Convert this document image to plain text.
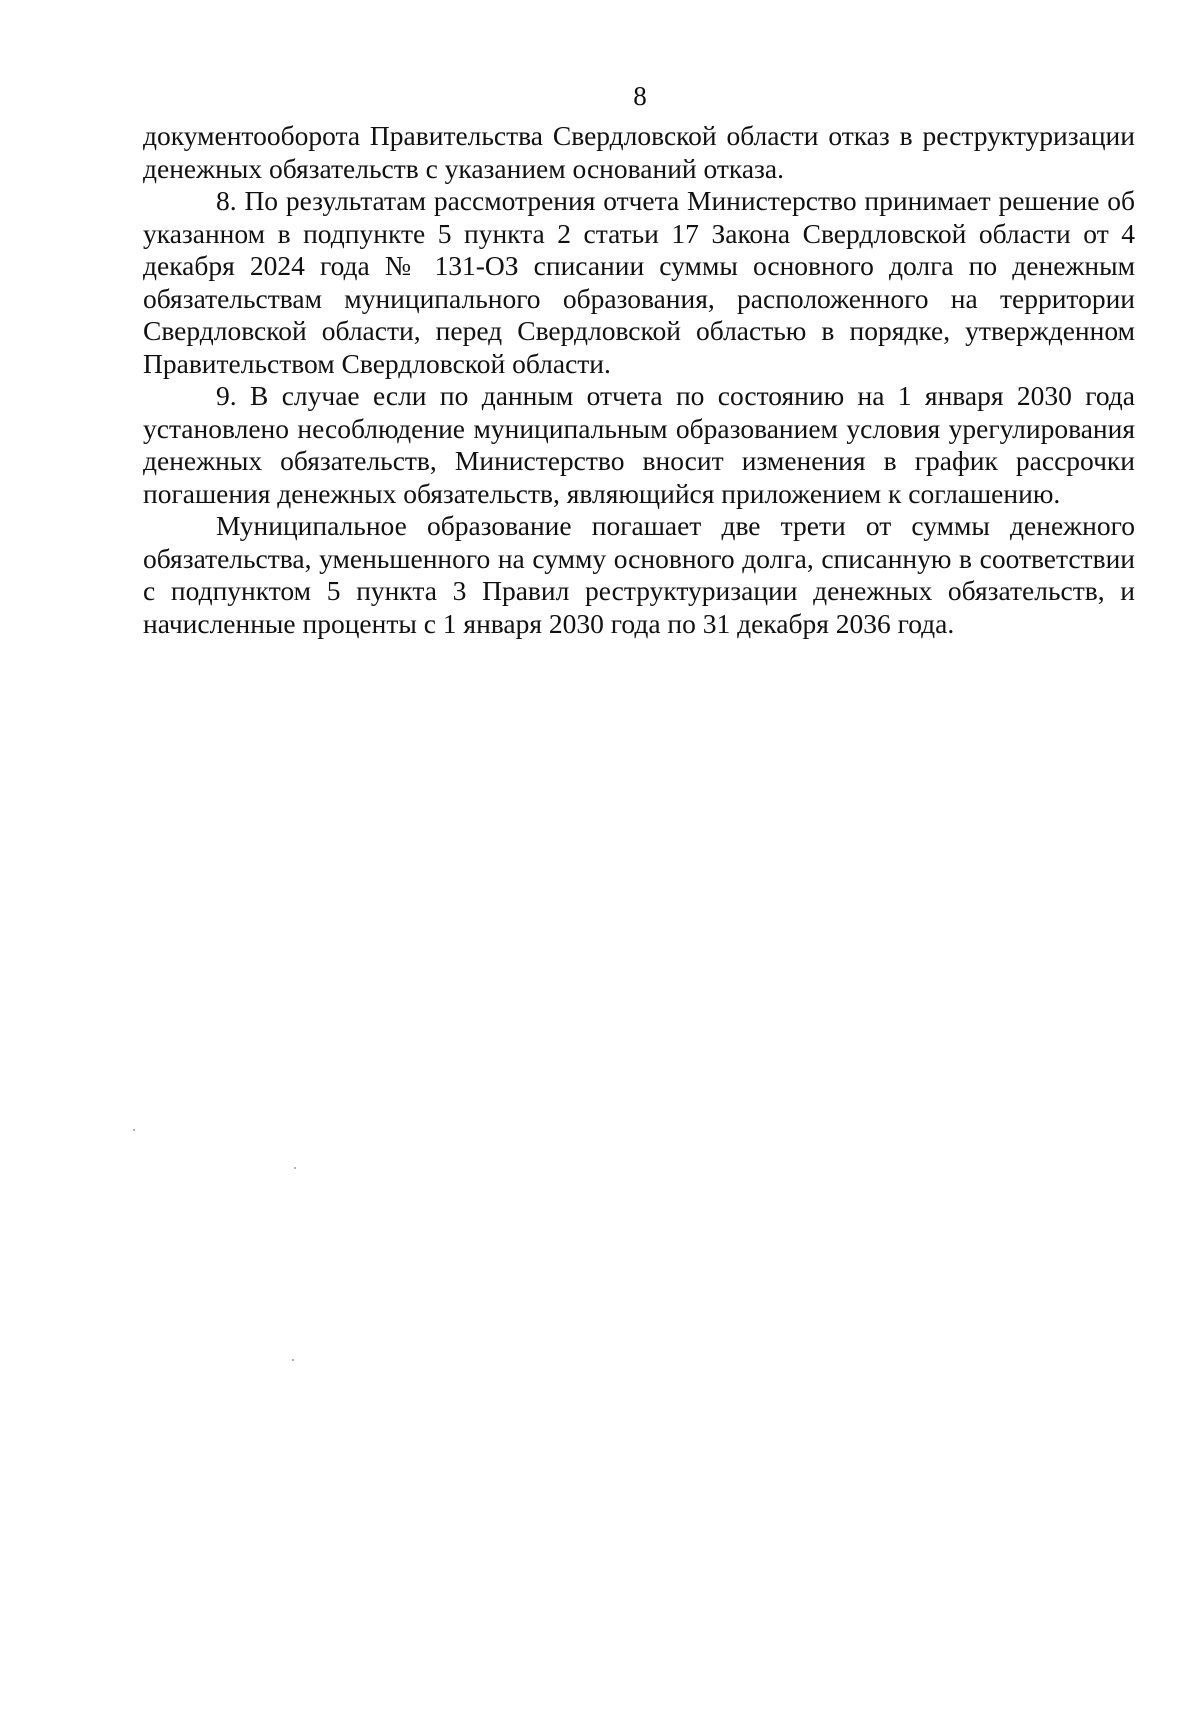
8

документооборота Правительства Свердловской области отказ в реструктуризации денежных обязательств с указанием оснований отказа.

8. По результатам рассмотрения отчета Министерство принимает решение об указанном в подпункте 5 пункта 2 статьи 17 Закона Свердловской области от 4 декабря 2024 года № 131-ОЗ списании суммы основного долга по денежным обязательствам муниципального образования, расположенного на территории Свердловской области, перед Свердловской областью в порядке, утвержденном Правительством Свердловской области.

9. В случае если по данным отчета по состоянию на 1 января 2030 года установлено несоблюдение муниципальным образованием условия урегулирования денежных обязательств, Министерство вносит изменения в график рассрочки погашения денежных обязательств, являющийся приложением к соглашению.

Муниципальное образование погашает две трети от суммы денежного обязательства, уменьшенного на сумму основного долга, списанную в соответствии с подпунктом 5 пункта 3 Правил реструктуризации денежных обязательств, и начисленные проценты с 1 января 2030 года по 31 декабря 2036 года.
